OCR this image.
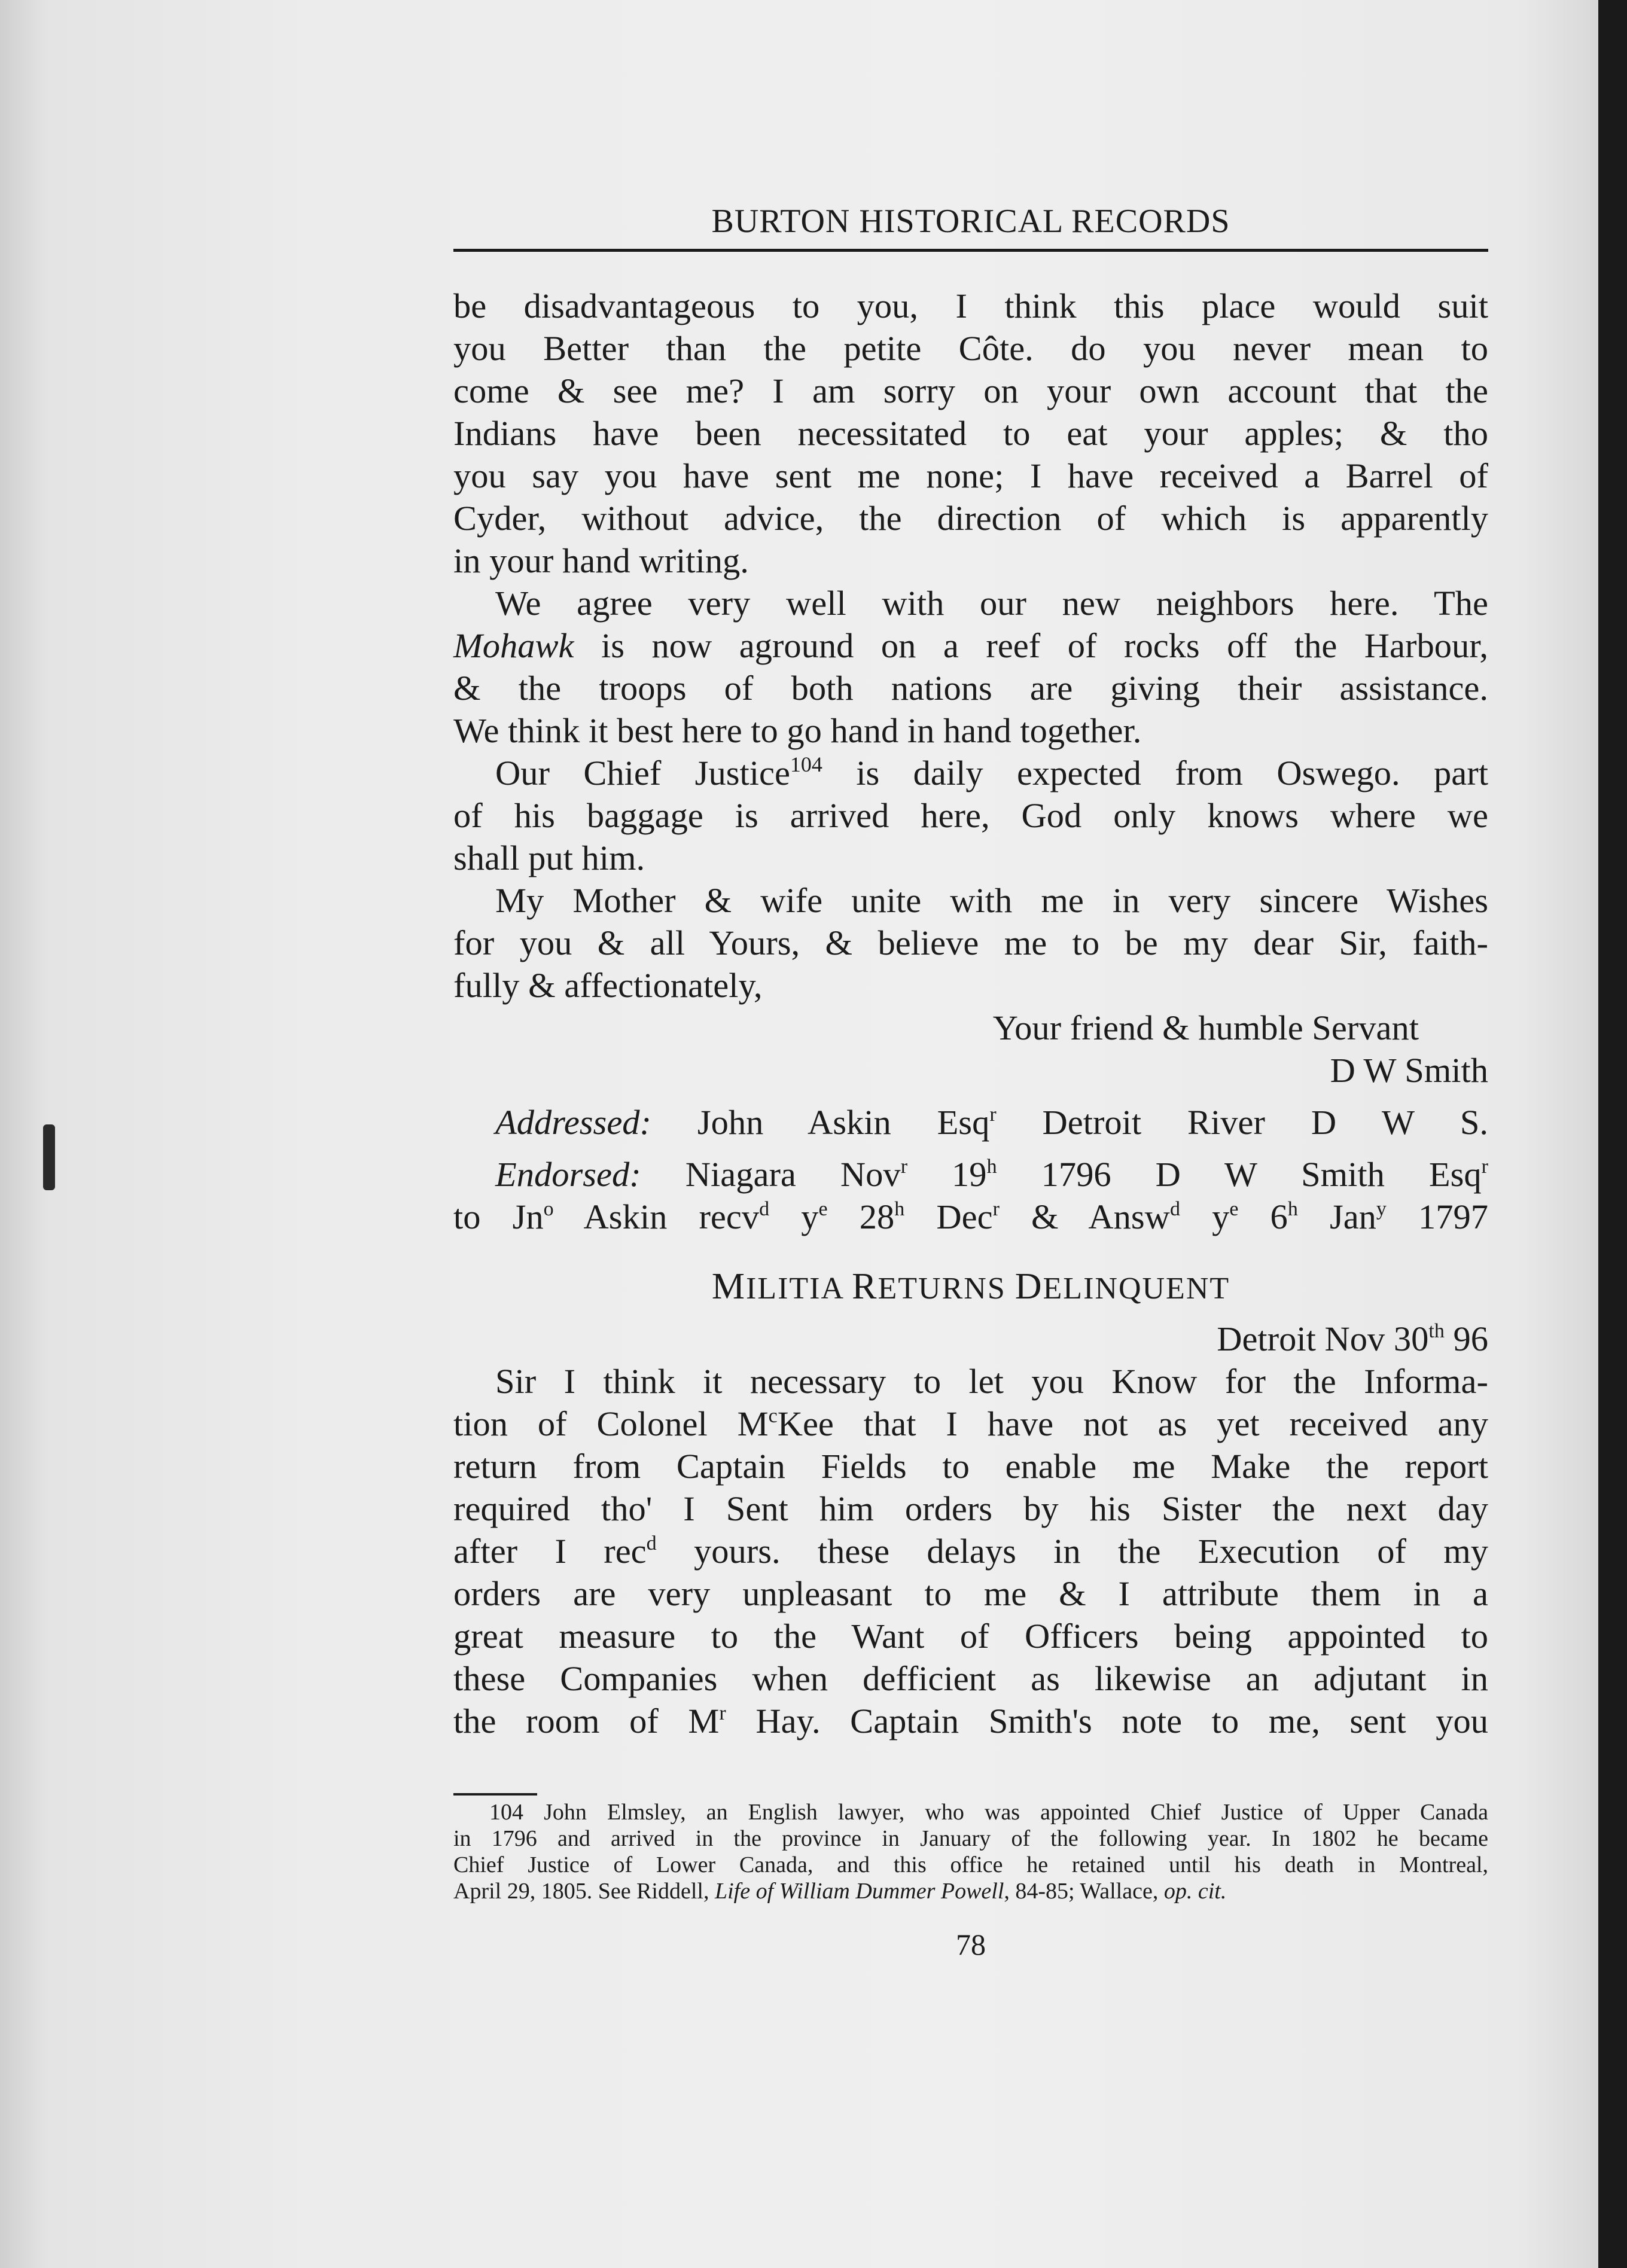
BURTON HISTORICAL RECORDS
be disadvantageous to you, I think this place would suit
you Better than the petite Côte. do you never mean to
come & see me? I am sorry on your own account that the
Indians have been necessitated to eat your apples; & tho
you say you have sent me none; I have received a Barrel of
Cyder, without advice, the direction of which is apparently
in your hand writing.
We agree very well with our new neighbors here. The
Mohawk is now aground on a reef of rocks off the Harbour,
& the troops of both nations are giving their assistance.
We think it best here to go hand in hand together.
Our Chief Justice$^{104}$ is daily expected from Oswego. part
of his baggage is arrived here, God only knows where we
shall put him.
My Mother & wife unite with me in very sincere Wishes
for you & all Yours, & believe me to be my dear Sir, faith-
fully & affectionately,
Your friend & humble Servant
D W Smith
Addressed: John Askin Esq$^r$ Detroit River D W S.
Endorsed: Niagara Nov$^r$ 19$^h$ 1796 D W Smith Esq$^r$
to Jn$^o$ Askin recv$^d$ $y^e$ 28$^h$ Dec$^r$ & Answ$^d$ $y^e$ 6$^h$ Jan$^y$ 1797
MILITIA RETURNS DELINQUENT
Detroit Nov 30th 96
Sir I think it necessary to let you Know for the Informa-
tion of Colonel $M^cKee$ that I have not as yet received any
return from Captain Fields to enable me Make the report
required tho' I Sent him orders by his Sister the next day
after I rec$^d$ yours. these delays in the Execution of my
orders are very unpleasant to me & I attribute them in a
great measure to the Want of Officers being appointed to
these Companies when defficient as likewise an adjutant in
the room of $M^r$ Hay. Captain Smith's note to me, sent you
104 John Elmsley, an English lawyer, who was appointed Chief Justice of Upper Canada
in 1796 and arrived in the province in January of the following year. In 1802 he became
Chief Justice of Lower Canada, and this office he retained until his death in Montreal,
April 29, 1805. See Riddell, Life of William Dummer Powell, 84-85; Wallace, op. cit.
78
